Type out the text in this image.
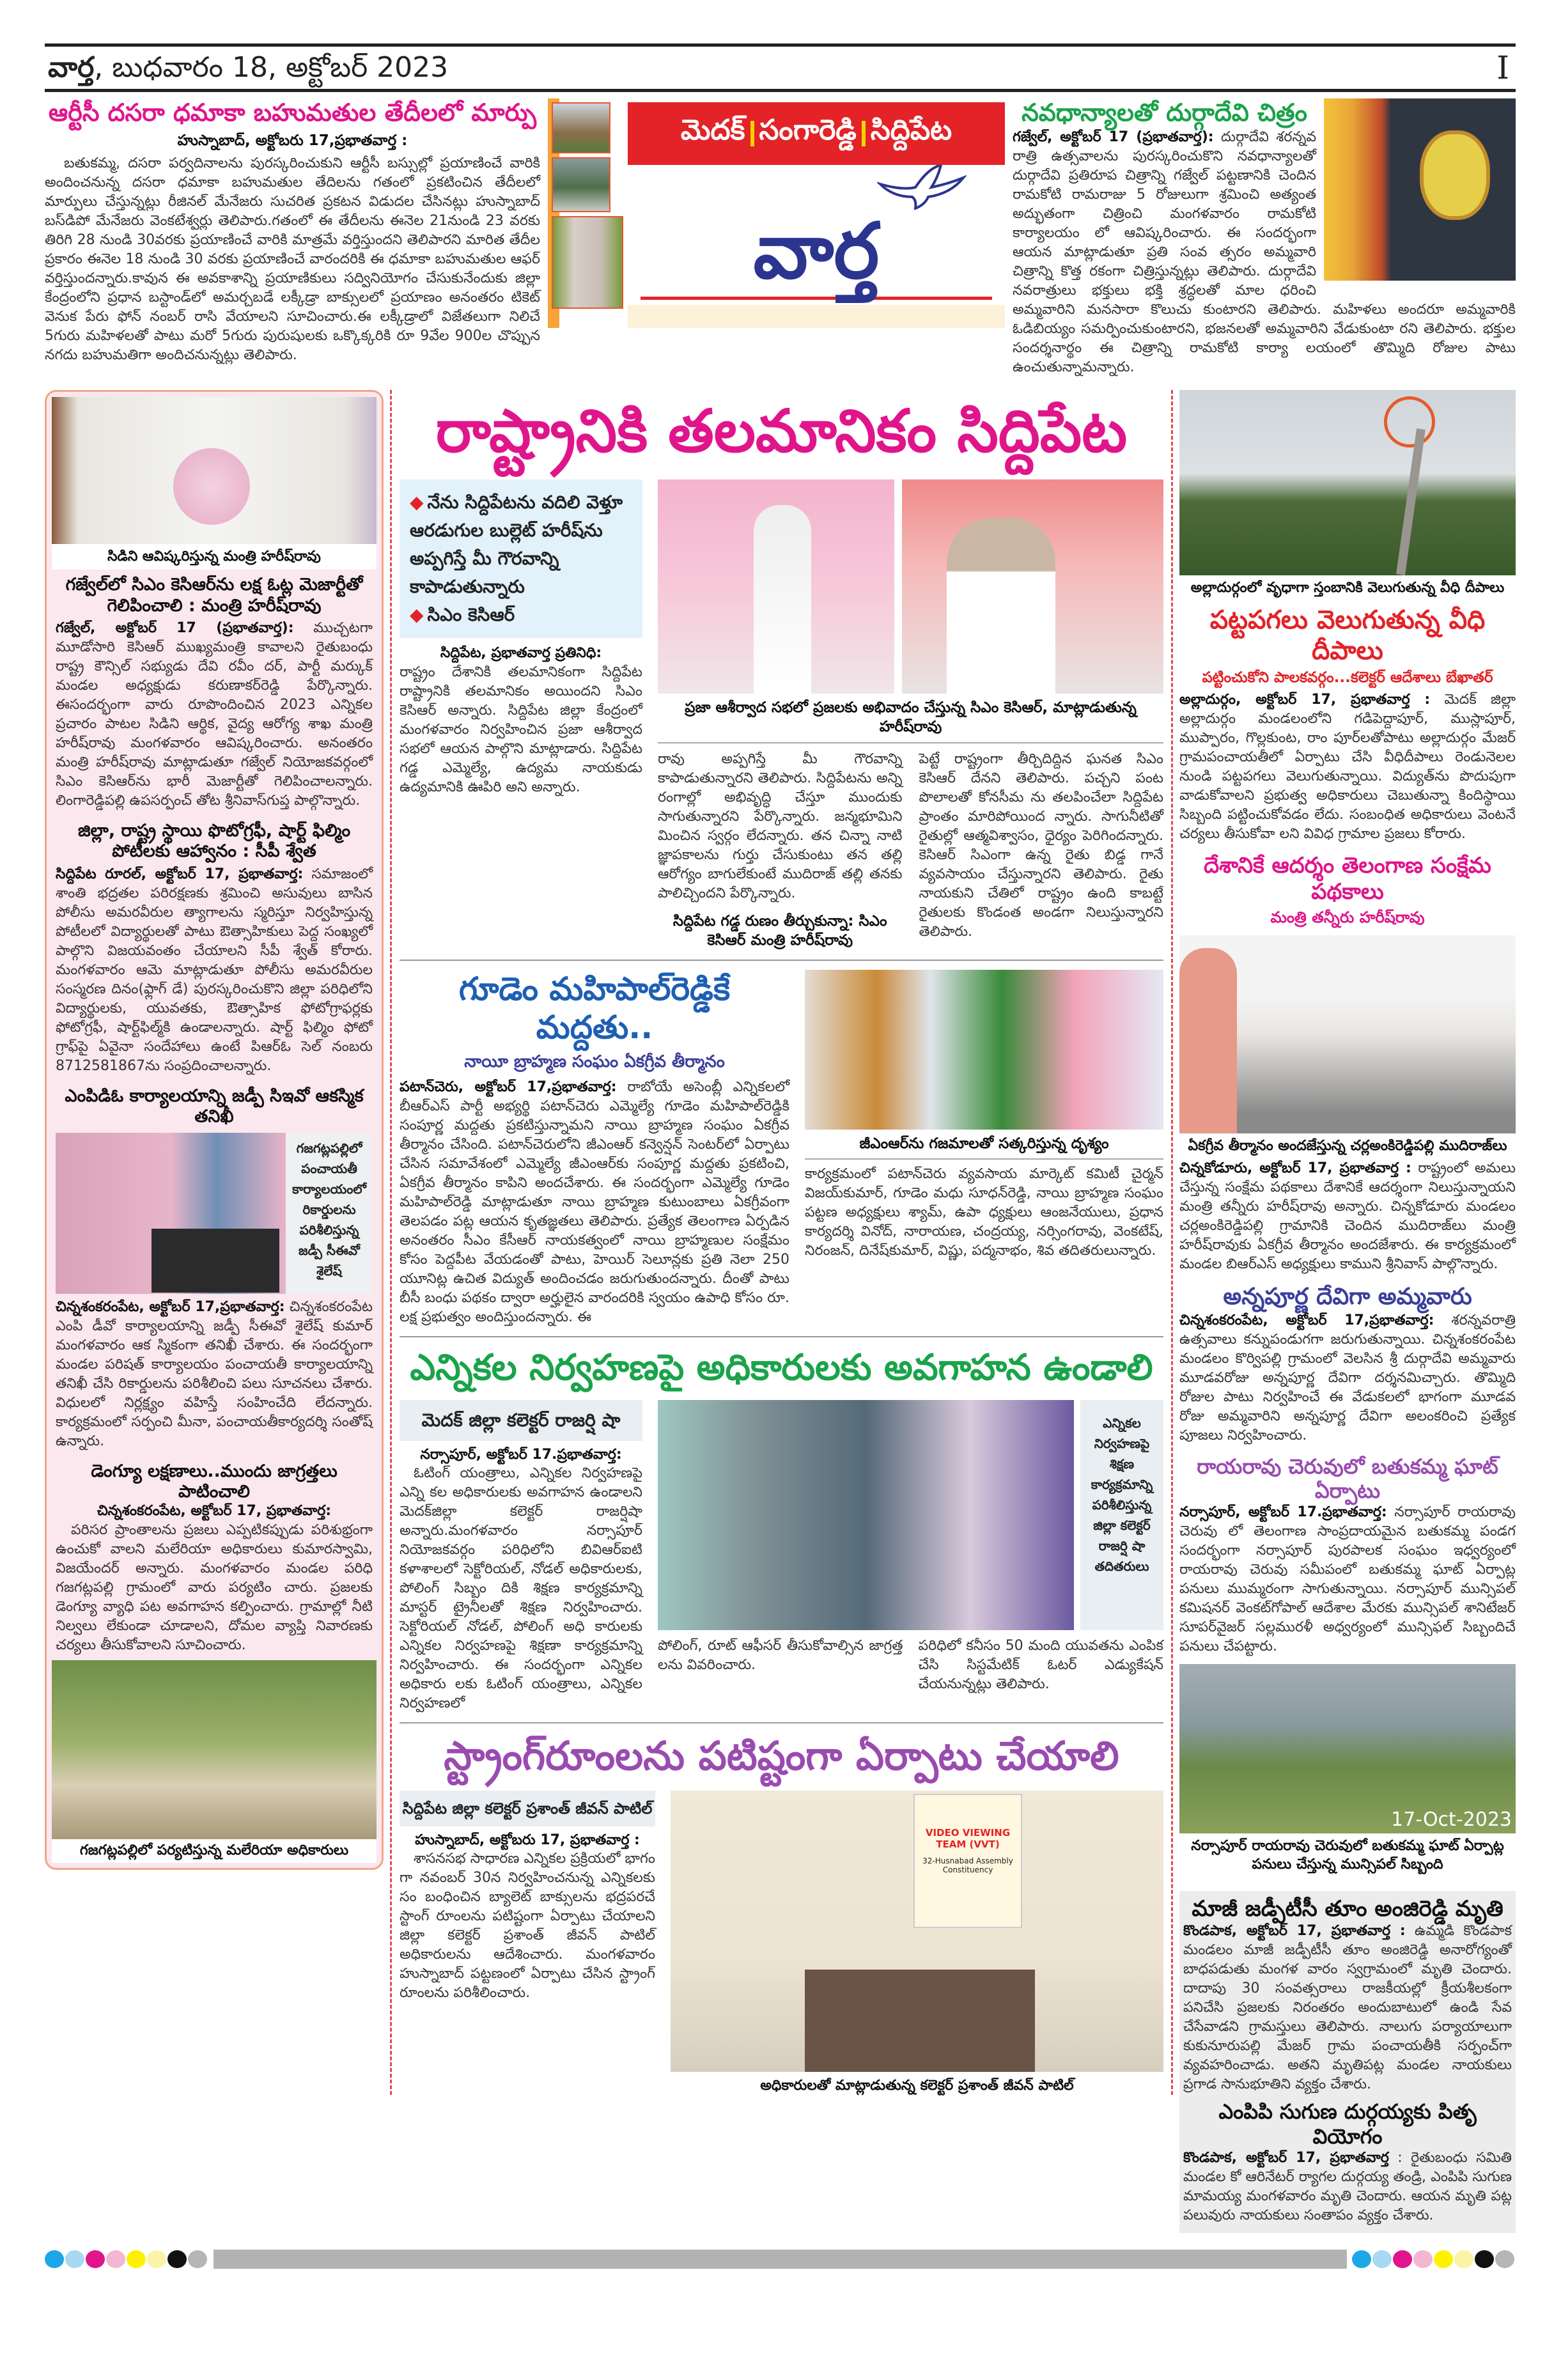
వార్త, బుధవారం 18, అక్టోబర్ 2023	I
ఆర్టీసీ దసరా ధమాకా బహుమతుల తేదీలలో మార్పు
హుస్నాబాద్, అక్టోబరు 17,ప్రభాతవార్త :
బతుకమ్మ, దసరా పర్వదినాలను పురస్కరించుకుని ఆర్టీసీ బస్సుల్లో ప్రయాణించే వారికి అందించనున్న దసరా ధమాకా బహుమతుల తేదిలను గతంలో ప్రకటించిన తేదీలలో మార్పులు చేస్తున్నట్లు రీజినల్ మేనేజరు సుచరిత ప్రకటన విడుదల చేసినట్లు హుస్నాబాద్ బస్‌డిపో మేనేజరు వెంకటేశ్వర్లు తెలిపారు.గతంలో ఈ తేదీలను ఈనెల 21నుండి 23 వరకు తిరిగి 28 నుండి 30వరకు ప్రయాణించే వారికి మాత్రమే వర్తిస్తుందని తెలిపారని మారిత తేదీల ప్రకారం ఈనెల 18 నుండి 30 వరకు ప్రయాణించే వారందరికి ఈ ధమాకా బహుమతుల ఆఫర్ వర్తిస్తుందన్నారు.కావున ఈ అవకాశాన్ని ప్రయాణికులు సద్వినియోగం చేసుకునేందుకు జిల్లా కేంద్రంలోని ప్రధాన బస్టాండ్‌లో అమర్చబడే లక్కీడ్రా బాక్సులలో ప్రయాణం అనంతరం టికెట్ వెనుక పేరు ఫోన్ నంబర్ రాసి వేయాలని సూచించారు.ఈ లక్కీడ్రాలో విజేతలుగా నిలిచే 5గురు మహిళలతో పాటు మరో 5గురు పురుషులకు ఒక్కొక్కరికి రూ 9వేల 900ల చొప్పున నగదు బహుమతిగా అందిచనున్నట్లు తెలిపారు.
మెదక్ సంగారెడ్డి సిద్దిపేట
వార్త
నవధాన్యాలతో దుర్గాదేవి చిత్రం
గజ్వేల్, అక్టోబర్ 17 (ప్రభాతవార్త): దుర్గాదేవి శరన్నవ రాత్రి ఉత్సవాలను పురస్కరించుకొని నవధాన్యాలతో దుర్గాదేవి ప్రతిరూప చిత్రాన్ని గజ్వేల్ పట్టణానికి చెందిన రామకోటి రామరాజు 5 రోజులుగా శ్రమించి అత్యంత అద్భుతంగా చిత్రించి మంగళవారం రామకోటి కార్యాలయం లో ఆవిష్కరించారు. ఈ సందర్భంగా ఆయన మాట్లాడుతూ ప్రతి సంవ త్సరం అమ్మవారి చిత్రాన్ని కొత్త రకంగా చిత్రిస్తున్నట్లు తెలిపారు. దుర్గాదేవి నవరాత్రులు భక్తులు భక్తి శ్రద్ధలతో మాల ధరించి అమ్మవారిని మనసారా కొలుచు కుంటారని తెలిపారు. మహిళలు అందరూ అమ్మవారికి ఓడిబియ్యం సమర్పించుకుంటారని, భజనలతో అమ్మవారిని వేడుకుంటా రని తెలిపారు. భక్తుల సందర్శనార్థం ఈ చిత్రాన్ని రామకోటి కార్యా లయంలో తొమ్మిది రోజుల పాటు ఉంచుతున్నామన్నారు.
సిడిని ఆవిష్కరిస్తున్న మంత్రి హరీష్‌రావు
గజ్వేల్‌లో సిఎం కెసిఆర్‌ను లక్ష ఓట్ల మెజార్టీతో గెలిపించాలి : మంత్రి హరీష్‌రావు
గజ్వేల్, అక్టోబర్ 17 (ప్రభాతవార్త): ముచ్చటగా మూడోసారి కెసిఆర్ ముఖ్యమంత్రి కావాలని రైతుబంధు రాష్ట్ర కౌన్సిల్ సభ్యుడు దేవి రవీం దర్, పార్టీ మర్కుక్ మండల అధ్యక్షుడు కరుణాకర్‌రెడ్డి పేర్కొన్నారు. ఈసందర్భంగా వారు రూపొందించిన 2023 ఎన్నికల ప్రచారం పాటల సిడిని ఆర్థిక, వైద్య ఆరోగ్య శాఖ మంత్రి హరీష్‌రావు మంగళవారం ఆవిష్కరించారు. అనంతరం మంత్రి హరీష్‌రావు మాట్లాడుతూ గజ్వేల్ నియోజకవర్గంలో సిఎం కెసిఆర్‌ను భారీ మెజార్టీతో గెలిపించాలన్నారు. లింగారెడ్డిపల్లి ఉపసర్పంచ్ తోట శ్రీనివాస్‌గుప్త పాల్గొన్నారు.
జిల్లా, రాష్ట్ర స్థాయి ఫొటోగ్రఫీ, షార్ట్ ఫిల్మిం పోటీలకు ఆహ్వానం : సీపీ శ్వేత
సిద్దిపేట రూరల్, అక్టోబర్ 17, ప్రభాతవార్త: సమాజంలో శాంతి భద్రతల పరిరక్షణకు శ్రమించి అసువులు బాసిన పోలీసు అమరవీరుల త్యాగాలను స్మరిస్తూ నిర్వహిస్తున్న పోటీలలో విద్యార్థులతో పాటు ఔత్సాహికులు పెద్ద సంఖ్యలో పాల్గొని విజయవంతం చేయాలని సీపీ శ్వేత్ కోరారు. మంగళవారం ఆమె మాట్లాడుతూ పోలీసు అమరవీరుల సంస్మరణ దినం(ఫ్లాగ్ డే) పురస్కరించుకొని జిల్లా పరిధిలోని విద్యార్థులకు, యువతకు, ఔత్సాహిక ఫోటోగ్రాఫర్లకు ఫోటోగ్రఫీ, షార్ట్‌ఫిల్మ్‌కి ఉండాలన్నారు. షార్ట్ ఫిల్మిం ఫోటో గ్రాఫ్‌పై ఏవైనా సందేహాలు ఉంటే పిఆర్ఓ సెల్ నంబరు 8712581867ను సంప్రదించాలన్నారు.
ఎంపిడిఓ కార్యాలయాన్ని జడ్పీ సిఇవో ఆకస్మిక తనిఖీ
గజగట్లపల్లిలో పంచాయతీ కార్యాలయంలో రికార్డులను పరిశీలిస్తున్న జడ్పీ సీఈవో శైలేష్
చిన్నశంకరంపేట, అక్టోబర్ 17,ప్రభాతవార్త: చిన్నశంకరంపేట ఎంపి డీవో కార్యాలయాన్ని జడ్పీ సీఈవో శైలేష్ కుమార్ మంగళవారం ఆక స్మికంగా తనిఖీ చేశారు. ఈ సందర్భంగా మండల పరిషత్ కార్యాలయం పంచాయతీ కార్యాలయాన్ని తనిఖీ చేసి రికార్డులను పరిశీలించి పలు సూచనలు చేశారు. విధులలో నిర్లక్ష్యం వహిస్తే సంహించేది లేదన్నారు. కార్యక్రమంలో సర్పంచి మీనా, పంచాయతీకార్యదర్శి సంతోష్ ఉన్నారు.
డెంగ్యూ లక్షణాలు..ముందు జాగ్రత్తలు పాటించాలి
చిన్నశంకరంపేట, అక్టోబర్ 17, ప్రభాతవార్త:
పరిసర ప్రాంతాలను ప్రజలు ఎప్పటికప్పుడు పరిశుభ్రంగా ఉంచుకో వాలని మలేరియా అధికారులు కుమారస్వామి, విజయేందర్ అన్నారు. మంగళవారం మండల పరిధి గజగట్లపల్లి గ్రామంలో వారు పర్యటిం చారు. ప్రజలకు డెంగ్యూ వ్యాధి పట అవగాహన కల్పించారు. గ్రామాల్లో నీటి నిల్వలు లేకుండా చూడాలని, దోమల వ్యాప్తి నివారణకు చర్యలు తీసుకోవాలని సూచించారు.
గజగట్లపల్లిలో పర్యటిస్తున్న మలేరియా అధికారులు
రాష్ట్రానికి తలమానికం సిద్దిపేట
◆ నేను సిద్దిపేటను వదిలి వెళ్తూ ఆరడుగుల బుల్లెట్ హరీష్‌ను అప్పగిస్తే మీ గౌరవాన్ని కాపాడుతున్నారు
◆ సిఎం కెసిఆర్
సిద్దిపేట, ప్రభాతవార్త ప్రతినిధి:
రాష్ట్రం దేశానికి తలమానికంగా సిద్దిపేట రాష్ట్రానికి తలమానికం అయిందని సిఎం కెసిఆర్ అన్నారు. సిద్దిపేట జిల్లా కేంద్రంలో మంగళవారం నిర్వహించిన ప్రజా ఆశీర్వాద సభలో ఆయన పాల్గొని మాట్లాడారు. సిద్దిపేట గడ్డ ఎమ్మెల్యే, ఉద్యమ నాయకుడు ఉద్యమానికి ఊపిరి అని అన్నారు.
ప్రజా ఆశీర్వాద సభలో ప్రజలకు అభివాదం చేస్తున్న సిఎం కెసిఆర్, మాట్లాడుతున్న హరీష్‌రావు
రావు అప్పగిస్తే మీ గౌరవాన్ని కాపాడుతున్నారని తెలిపారు. సిద్దిపేటను అన్ని రంగాల్లో అభివృద్ధి చేస్తూ ముందుకు సాగుతున్నారని పేర్కొన్నారు. జన్మభూమిని మించిన స్వర్గం లేదన్నారు. తన చిన్నా నాటి జ్ఞాపకాలను గుర్తు చేసుకుంటు తన తల్లి ఆరోగ్యం బాగులేకుంటే ముదిరాజ్ తల్లి తనకు పాలిచ్చిందని పేర్కొన్నారు.
సిద్దిపేట గడ్డ రుణం తీర్చుకున్నా: సిఎం కెసిఆర్ మంత్రి హరీష్‌రావు
పెట్టే రాష్ట్రంగా తీర్చిదిద్దిన ఘనత సిఎం కెసిఆర్ దేనని తెలిపారు. పచ్చని పంట పొలాలతో కోనసీమ ను తలపించేలా సిద్దిపేట ప్రాంతం మారిపోయింద న్నారు. సాగునీటితో రైతుల్లో ఆత్మవిశ్వాసం, ధైర్యం పెరిగిందన్నారు. కెసిఆర్ సిఎంగా ఉన్న రైతు బిడ్డ గానే వ్యవసాయం చేస్తున్నారని తెలిపారు. రైతు నాయకుని చేతిలో రాష్ట్రం ఉంది కాబట్టే రైతులకు కొండంత అండగా నిలుస్తున్నారని తెలిపారు.
గూడెం మహిపాల్‌రెడ్డికే మద్దతు..
నాయీ బ్రాహ్మణ సంఘం ఏకగ్రీవ తీర్మానం
పటాన్‌చెరు, అక్టోబర్ 17,ప్రభాతవార్త: రాబోయే అసెంబ్లీ ఎన్నికలలో బీఆర్ఎస్ పార్టీ అభ్యర్థి పటాన్‌చెరు ఎమ్మెల్యే గూడెం మహిపాల్‌రెడ్డికి సంపూర్ణ మద్దతు ప్రకటిస్తున్నామని నాయి బ్రాహ్మణ సంఘం ఏకగ్రీవ తీర్మానం చేసింది. పటాన్‌చెరులోని జీఎంఆర్ కన్వెన్షన్ సెంటర్‌లో ఏర్పాటు చేసిన సమావేశంలో ఎమ్మెల్యే జీఎంఆర్‌కు సంపూర్ణ మద్దతు ప్రకటించి, ఏకగ్రీవ తీర్మానం కాపిని అందచేశారు. ఈ సందర్భంగా ఎమ్మెల్యే గూడెం మహిపాల్‌రెడ్డి మాట్లాడుతూ నాయి బ్రాహ్మణ కుటుంబాలు ఏకగ్రీవంగా తెలపడం పట్ల ఆయన కృతజ్ఞతలు తెలిపారు. ప్రత్యేక తెలంగాణ ఏర్పడిన అనంతరం సీఎం కేసీఆర్ నాయకత్వంలో నాయి బ్రాహ్మణుల సంక్షేమం కోసం పెద్దపీట వేయడంతో పాటు, హెయిర్ సెలూన్లకు ప్రతి నెలా 250 యూనిట్ల ఉచిత విద్యుత్ అందించడం జరుగుతుందన్నారు. దీంతో పాటు బీసీ బంధు పథకం ద్వారా అర్హులైన వారందరికి స్వయం ఉపాధి కోసం రూ. లక్ష ప్రభుత్వం అందిస్తుందన్నారు. ఈ
జీఎంఆర్‌ను గజమాలతో సత్కరిస్తున్న దృశ్యం
కార్యక్రమంలో పటాన్‌చెరు వ్యవసాయ మార్కెట్ కమిటీ చైర్మన్ విజయ్‌కుమార్, గూడెం మధు సూధన్‌రెడ్డి, నాయి బ్రాహ్మణ సంఘం పట్టణ అధ్యక్షులు శ్యామ్, ఉపా ధ్యక్షులు ఆంజనేయులు, ప్రధాన కార్యదర్శి వినోద్, నారాయణ, చంద్రయ్య, నర్సింగరావు, వెంకటేష్, నిరంజన్, దినేష్‌కుమార్, విష్ణు, పద్మనాభం, శివ తదితరులున్నారు.
ఎన్నికల నిర్వహణపై అధికారులకు అవగాహన ఉండాలి
మెదక్ జిల్లా కలెక్టర్ రాజర్షి షా
నర్సాపూర్, అక్టోబర్ 17.ప్రభాతవార్త:
ఓటింగ్ యంత్రాలు, ఎన్నికల నిర్వహణపై ఎన్ని కల అధికారులకు అవగాహన ఉండాలని మెదక్‌జిల్లా కలెక్టర్ రాజర్షిషా అన్నారు.మంగళవారం నర్సాపూర్ నియోజకవర్గం పరిధిలోని బివిఆర్ఐటి కళాశాలలో సెక్టోరియల్, నోడల్ అధికారులకు, పోలింగ్ సిబ్బం దికి శిక్షణ కార్యక్రమాన్ని మాస్టర్ ట్రైనీలతో శిక్షణ నిర్వహించారు. సెక్టోరియల్ నోడల్, పోలింగ్ అధి కారులకు ఎన్నికల నిర్వహణపై శిక్షణా కార్యక్రమాన్ని నిర్వహించారు. ఈ సందర్భంగా ఎన్నికల అధికారు లకు ఓటింగ్ యంత్రాలు, ఎన్నికల నిర్వహణలో
ఎన్నికల నిర్వహణపై శిక్షణ కార్యక్రమాన్ని పరిశీలిస్తున్న జిల్లా కలెక్టర్ రాజర్షి షా తదితరులు
పోలింగ్, రూట్ ఆఫీసర్ తీసుకోవాల్సిన జాగ్రత్త లను వివరించారు.
పరిధిలో కనీసం 50 మంది యువతను ఎంపిక చేసి సిస్టమేటిక్ ఓటర్ ఎడ్యుకేషన్ చేయనున్నట్లు తెలిపారు.
స్ట్రాంగ్‌రూంలను పటిష్టంగా ఏర్పాటు చేయాలి
సిద్దిపేట జిల్లా కలెక్టర్ ప్రశాంత్ జీవన్ పాటిల్
హుస్నాబాద్, అక్టోబరు 17, ప్రభాతవార్త :
శాసనసభ సాధారణ ఎన్నికల ప్రక్రియలో భాగం గా నవంబర్ 30న నిర్వహించనున్న ఎన్నికలకు సం బంధించిన బ్యాలెట్ బాక్సులను భద్రపరచే స్టాంగ్ రూంలను పటిష్టంగా ఏర్పాటు చేయాలని జిల్లా కలెక్టర్ ప్రశాంత్ జీవన్ పాటిల్ అధికారులను ఆదేశించారు. మంగళవారం హుస్నాబాద్ పట్టణంలో ఏర్పాటు చేసిన స్ట్రాంగ్ రూంలను పరిశీలించారు.
VIDEO VIEWING TEAM (VVT)
32-Husnabad Assembly Constituency
అధికారులతో మాట్లాడుతున్న కలెక్టర్ ప్రశాంత్ జీవన్ పాటిల్
అల్లాదుర్గంలో వృధాగా స్తంబానికి వెలుగుతున్న వీధి దీపాలు
పట్టపగలు వెలుగుతున్న వీధి దీపాలు
పట్టించుకోని పాలకవర్గం...కలెక్టర్ ఆదేశాలు బేఖాతర్
అల్లాదుర్గం, అక్టోబర్ 17, ప్రభాతవార్త : మెదక్ జిల్లా అల్లాదుర్గం మండలంలోని గడిపెద్దాపూర్, ముస్లాపూర్, ముప్పారం, గొల్లకుంట, రాం పూర్‌లతోపాటు అల్లాదుర్గం మేజర్ గ్రామపంచాయతీలో ఏర్పాటు చేసి వీధిదీపాలు రెండునెలల నుండి పట్టపగలు వెలుగుతున్నాయి. విద్యుత్‌ను పొదుపుగా వాడుకోవాలని ప్రభుత్వ అధికారులు చెబుతున్నా కిందిస్థాయి సిబ్బంది పట్టించుకోవడం లేదు. సంబంధిత అధికారులు వెంటనే చర్యలు తీసుకోవా లని వివిధ గ్రామాల ప్రజలు కోరారు.
దేశానికే ఆదర్శం తెలంగాణ సంక్షేమ పథకాలు
మంత్రి తన్నీరు హరీష్‌రావు
ఏకగ్రీవ తీర్మానం అందజేస్తున్న చర్లఅంకిరెడ్డిపల్లి ముదిరాజ్‌లు
చిన్నకోడూరు, అక్టోబర్ 17, ప్రభాతవార్త : రాష్ట్రంలో అమలు చేస్తున్న సంక్షేమ పథకాలు దేశానికే ఆదర్శంగా నిలుస్తున్నాయని మంత్రి తన్నీరు హరీష్‌రావు అన్నారు. చిన్నకోడూరు మండలం చర్లఅంకిరెడ్డిపల్లి గ్రామానికి చెందిన ముదిరాజ్‌లు మంత్రి హరీష్‌రావుకు ఏకగ్రీవ తీర్మానం అందజేశారు. ఈ కార్యక్రమంలో మండల బిఆర్ఎస్ అధ్యక్షులు కాముని శ్రీనివాస్ పాల్గొన్నారు.
అన్నపూర్ణ దేవిగా అమ్మవారు
చిన్నశంకరంపేట, అక్టోబర్ 17,ప్రభాతవార్త: శరన్నవరాత్రి ఉత్సవాలు కన్నుపండుగగా జరుగుతున్నాయి. చిన్నశంకరంపేట మండలం కొర్విపల్లి గ్రామంలో వెలసిన శ్రీ దుర్గాదేవి అమ్మవారు మూడవరోజు అన్నపూర్ణ దేవిగా దర్శనమిచ్చారు. తొమ్మిది రోజుల పాటు నిర్వహించే ఈ వేడుకలలో భాగంగా మూడవ రోజు అమ్మవారిని అన్నపూర్ణ దేవిగా అలంకరించి ప్రత్యేక పూజలు నిర్వహించారు.
రాయరావు చెరువులో బతుకమ్మ ఘాట్ ఏర్పాటు
నర్సాపూర్, అక్టోబర్ 17.ప్రభాతవార్త: నర్సాపూర్ రాయరావు చెరువు లో తెలంగాణ సాంప్రదాయమైన బతుకమ్మ పండగ సందర్భంగా నర్సాపూర్ పురపాలక సంఘం ఇధ్వర్యంలో రాయరావు చెరువు సమీపంలో బతుకమ్మ ఘాట్ ఏర్పాట్ల పనులు ముమ్మరంగా సాగుతున్నాయి. నర్సాపూర్ మున్సిపల్ కమిషనర్ వెంకట్‌గోపాల్ ఆదేశాల మేరకు మున్సిపల్ శానిటేజర్ సూపర్‌వైజర్ సల్లమురళీ అధ్వర్యంలో మున్సిఫల్ సిబ్బందిచే పనులు చేపట్టారు.
17-Oct-2023
నర్సాపూర్ రాయరావు చెరువులో బతుకమ్మ ఘాట్ ఏర్పాట్ల పనులు చేస్తున్న మున్సిపల్ సిబ్బంది
మాజీ జడ్పీటీసీ తూం అంజిరెడ్డి మృతి
కొండపాక, అక్టోబర్ 17, ప్రభాతవార్త : ఉమ్మడి కొండపాక మండలం మాజీ జడ్పీటీసీ తూం అంజిరెడ్డి అనారోగ్యంతో బాధపడుతు మంగళ వారం స్వగ్రామంలో మృతి చెందారు. దాదాపు 30 సంవత్సరాలు రాజకీయల్లో క్రీయశీలకంగా పనిచేసి ప్రజలకు నిరంతరం అందుబాటులో ఉండి సేవ చేసేవాడని గ్రామస్తులు తెలిపారు. నాలుగు పర్యాయాలుగా కుకునూరుపల్లి మేజర్ గ్రామ పంచాయతీకి సర్పంచ్‌గా వ్యవహరించాడు. అతని మృతిపట్ల మండల నాయకులు ప్రగాడ సానుభూతిని వ్యక్తం చేశారు.
ఎంపిపి సుగుణ దుర్గయ్యకు పితృ వియోగం
కొండపాక, అక్టోబర్ 17, ప్రభాతవార్త : రైతుబంధు సమితి మండల కో ఆరినేటర్ ర్యాగల దుర్గయ్య తండ్రి, ఎంపిపి సుగుణ మామయ్య మంగళవారం మృతి చెందారు. ఆయన మృతి పట్ల పలువురు నాయకులు సంతాపం వ్యక్తం చేశారు.
